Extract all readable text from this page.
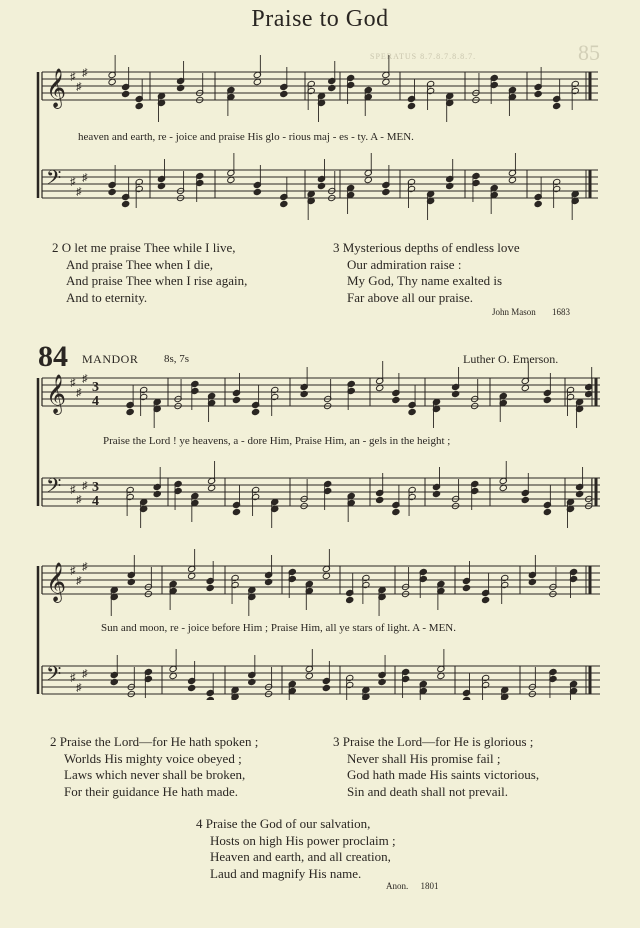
SPERATUS 8.7.8.7.8.8.7.	85
Praise to God
𝄞 ♯
♯
♯
𝄢 ♯
♯
♯
𝄞 ♯
♯
♯
3
4
𝄢 ♯
♯
♯ 3
4
𝄞 ♯
♯
♯
𝄢 ♯
♯
♯
heaven and earth, re - joice and praise His glo - rious maj - es - ty. A - MEN.
2 O let me praise Thee while I live,
And praise Thee when I die,
And praise Thee when I rise again,
And to eternity.
3 Mysterious depths of endless love
Our admiration raise :
My God, Thy name exalted is
Far above all our praise.
John Mason 1683
84 MANDOR 8s, 7s	Luther O. Emerson.
Praise the Lord ! ye heavens, a - dore Him, Praise Him, an - gels in the height ;
Sun and moon, re - joice before Him ; Praise Him, all ye stars of light. A - MEN.
2 Praise the Lord—for He hath spoken ;
Worlds His mighty voice obeyed ;
Laws which never shall be broken,
For their guidance He hath made.
3 Praise the Lord—for He is glorious ;
Never shall His promise fail ;
God hath made His saints victorious,
Sin and death shall not prevail.
4 Praise the God of our salvation,
Hosts on high His power proclaim ;
Heaven and earth, and all creation,
Laud and magnify His name.
Anon. 1801
